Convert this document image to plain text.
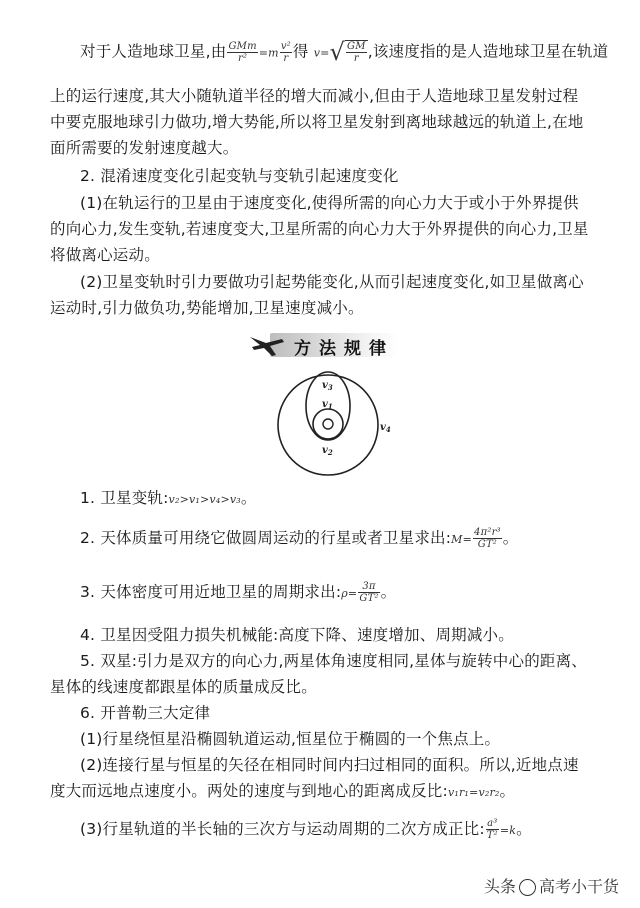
对于人造地球卫星,由 $\frac{\text{GMm}}{\text{r²}} =m \frac{\text{v²}}{r}$ 得 $v=√ \frac{GM}{r}$ ,该速度指的是人造地球卫星在轨道
上的运行速度,其大小随轨道半径的增大而减小,但由于人造地球卫星发射过程
中要克服地球引力做功,增大势能,所以将卫星发射到离地球越远的轨道上,在地
面所需要的发射速度越大。
2. 混淆速度变化引起变轨与变轨引起速度变化
(1)在轨运行的卫星由于速度变化,使得所需的向心力大于或小于外界提供
的向心力,发生变轨,若速度变大,卫星所需的向心力大于外界提供的向心力,卫星
将做离心运动。
(2)卫星变轨时引力要做功引起势能变化,从而引起速度变化,如卫星做离心
运动时,引力做负功,势能增加,卫星速度减小。
方法规律
$v_3$
$v_1$
$v_2$
$v_4$
1. 卫星变轨:v₂>v₁>v₄>v₃。
2. 天体质量可用绕它做圆周运动的行星或者卫星求出:M= $\frac{\text{4π²r³}}{\text{GT²}}$ 。
3. 天体密度可用近地卫星的周期求出:ρ= $\frac{3\pi}{\text{GT²}}$ 。
4. 卫星因受阻力损失机械能:高度下降、速度增加、周期减小。
5. 双星:引力是双方的向心力,两星体角速度相同,星体与旋转中心的距离、
星体的线速度都跟星体的质量成反比。
6. 开普勒三大定律
(1)行星绕恒星沿椭圆轨道运动,恒星位于椭圆的一个焦点上。
(2)连接行星与恒星的矢径在相同时间内扫过相同的面积。所以,近地点速
度大而远地点速度小。两处的速度与到地心的距离成反比:v₁r₁=v₂r₂。
(3)行星轨道的半长轴的三次方与运动周期的二次方成正比: $\frac{\text{a³}}{\text{T²}} =k$。
头条 高考小干货
